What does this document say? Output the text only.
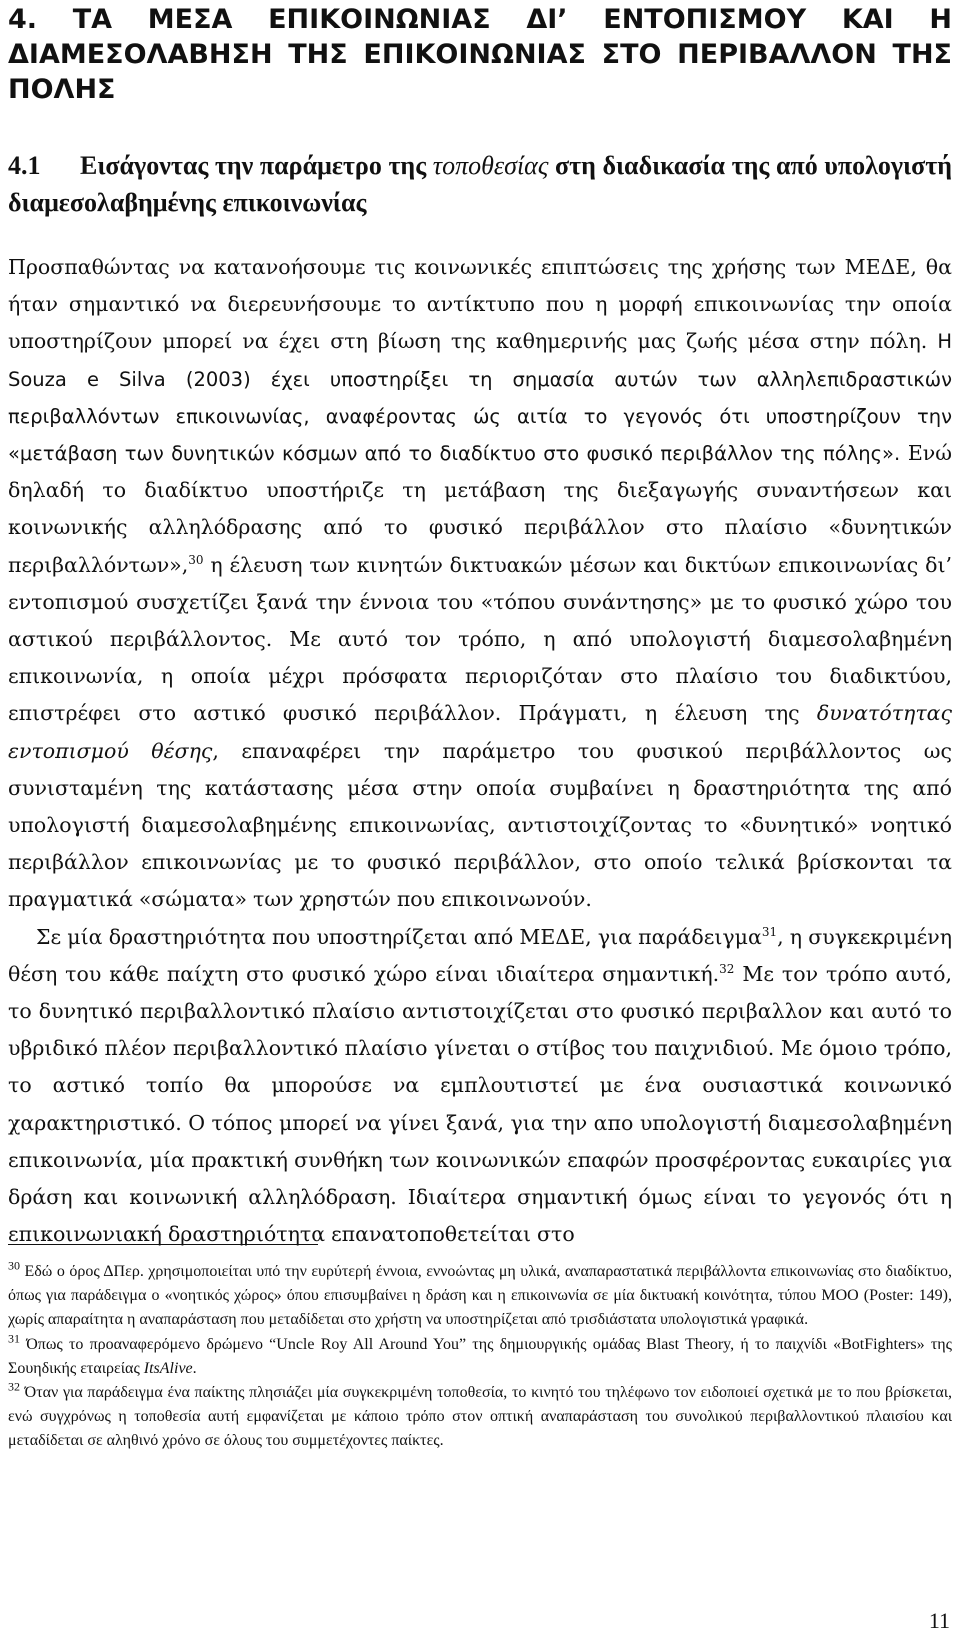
4. ΤΑ ΜΕΣΑ ΕΠΙΚΟΙΝΩΝΙΑΣ ΔΙ’ ΕΝΤΟΠΙΣΜΟΥ ΚΑΙ Η ΔΙΑΜΕΣΟΛΑΒΗΣΗ ΤΗΣ ΕΠΙΚΟΙΝΩΝΙΑΣ ΣΤΟ ΠΕΡΙΒΑΛΛΟΝ ΤΗΣ ΠΟΛΗΣ
4.1 Εισάγοντας την παράμετρο της τοποθεσίας στη διαδικασία της από υπολογιστή διαμεσολαβημένης επικοινωνίας

Προσπαθώντας να κατανοήσουμε τις κοινωνικές επιπτώσεις της χρήσης των ΜΕΔΕ, θα ήταν σημαντικό να διερευνήσουμε το αντίκτυπο που η μορφή επικοινωνίας την οποία υποστηρίζουν μπορεί να έχει στη βίωση της καθημερινής μας ζωής μέσα στην πόλη. Η Souza e Silva (2003) έχει υποστηρίξει τη σημασία αυτών των αλληλεπιδραστικών περιβαλλόντων επικοινωνίας, αναφέροντας ώς αιτία το γεγονός ότι υποστηρίζουν την «μετάβαση των δυνητικών κόσμων από το διαδίκτυο στο φυσικό περιβάλλον της πόλης». Ενώ δηλαδή το διαδίκτυο υποστήριζε τη μετάβαση της διεξαγωγής συναντήσεων και κοινωνικής αλληλόδρασης από το φυσικό περιβάλλον στο πλαίσιο «δυνητικών περιβαλλόντων»,$^{30}$ η έλευση των κινητών δικτυακών μέσων και δικτύων επικοινωνίας δι’ εντοπισμού συσχετίζει ξανά την έννοια του «τόπου συνάντησης» με το φυσικό χώρο του αστικού περιβάλλοντος. Με αυτό τον τρόπο, η από υπολογιστή διαμεσολαβημένη επικοινωνία, η οποία μέχρι πρόσφατα περιοριζόταν στο πλαίσιο του διαδικτύου, επιστρέφει στο αστικό φυσικό περιβάλλον. Πράγματι, η έλευση της δυνατότητας εντοπισμού θέσης, επαναφέρει την παράμετρο του φυσικού περιβάλλοντος ως συνισταμένη της κατάστασης μέσα στην οποία συμβαίνει η δραστηριότητα της από υπολογιστή διαμεσολαβημένης επικοινωνίας, αντιστοιχίζοντας το «δυνητικό» νοητικό περιβάλλον επικοινωνίας με το φυσικό περιβάλλον, στο οποίο τελικά βρίσκονται τα πραγματικά «σώματα» των χρηστών που επικοινωνούν.

Σε μία δραστηριότητα που υποστηρίζεται από ΜΕΔΕ, για παράδειγμα$^{31}$, η συγκεκριμένη θέση του κάθε παίχτη στο φυσικό χώρο είναι ιδιαίτερα σημαντική.$^{32}$ Με τον τρόπο αυτό, το δυνητικό περιβαλλοντικό πλαίσιο αντιστοιχίζεται στο φυσικό περιβαλλον και αυτό το υβριδικό πλέον περιβαλλοντικό πλαίσιο γίνεται ο στίβος του παιχνιδιού. Με όμοιο τρόπο, το αστικό τοπίο θα μπορούσε να εμπλουτιστεί με ένα ουσιαστικά κοινωνικό χαρακτηριστικό. Ο τόπος μπορεί να γίνει ξανά, για την απο υπολογιστή διαμεσολαβημένη επικοινωνία, μία πρακτική συνθήκη των κοινωνικών επαφών προσφέροντας ευκαιρίες για δράση και κοινωνική αλληλόδραση. Ιδιαίτερα σημαντική όμως είναι το γεγονός ότι η επικοινωνιακή δραστηριότητα επανατοποθετείται στο

$^{30}$ Εδώ ο όρος ΔΠερ. χρησιμοποιείται υπό την ευρύτερή έννοια, εννοώντας μη υλικά, αναπαραστατικά περιβάλλοντα επικοινωνίας στο διαδίκτυο, όπως για παράδειγμα ο «νοητικός χώρος» όπου επισυμβαίνει η δράση και η επικοινωνία σε μία δικτυακή κοινότητα, τύπου MOO (Poster: 149), χωρίς απαραίτητα η αναπαράσταση που μεταδίδεται στο χρήστη να υποστηρίζεται από τρισδιάστατα υπολογιστικά γραφικά.

$^{31}$ Όπως το προαναφερόμενο δρώμενο “Uncle Roy All Around You” της δημιουργικής ομάδας Blast Theory, ή το παιχνίδι «BotFighters» της Σουηδικής εταιρείας ItsAlive.

$^{32}$ Όταν για παράδειγμα ένα παίκτης πλησιάζει μία συγκεκριμένη τοποθεσία, το κινητό του τηλέφωνο τον ειδοποιεί σχετικά με το που βρίσκεται, ενώ συγχρόνως η τοποθεσία αυτή εμφανίζεται με κάποιο τρόπο στον οπτική αναπαράσταση του συνολικού περιβαλλοντικού πλαισίου και μεταδίδεται σε αληθινό χρόνο σε όλους του συμμετέχοντες παίκτες.

11
